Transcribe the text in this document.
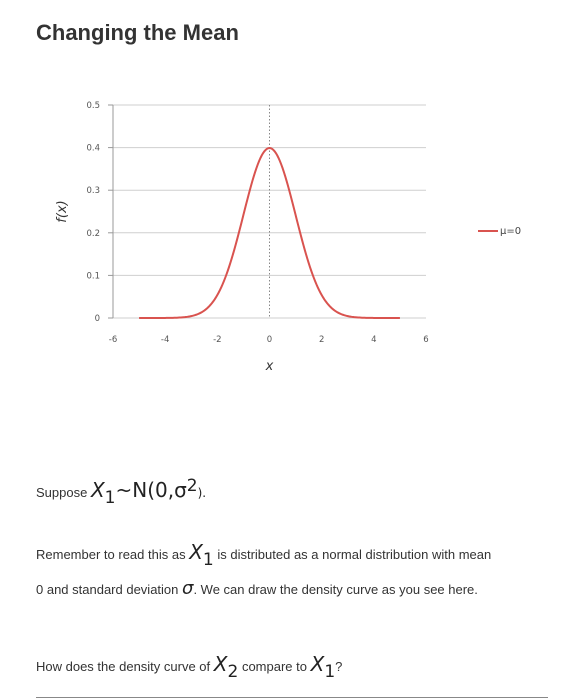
Changing the Mean
0
0.1
0.2
0.3
0.4
0.5
-6	-4	-2	0	2	4	6
μ=0
x
f(x)
Suppose $X_1\sim N(0,\sigma^2)$.
Remember to read this as $X_1$ is distributed as a normal distribution with mean
0 and standard deviation σ. We can draw the density curve as you see here.
How does the density curve of $X_2$ compare to $X_1$?
